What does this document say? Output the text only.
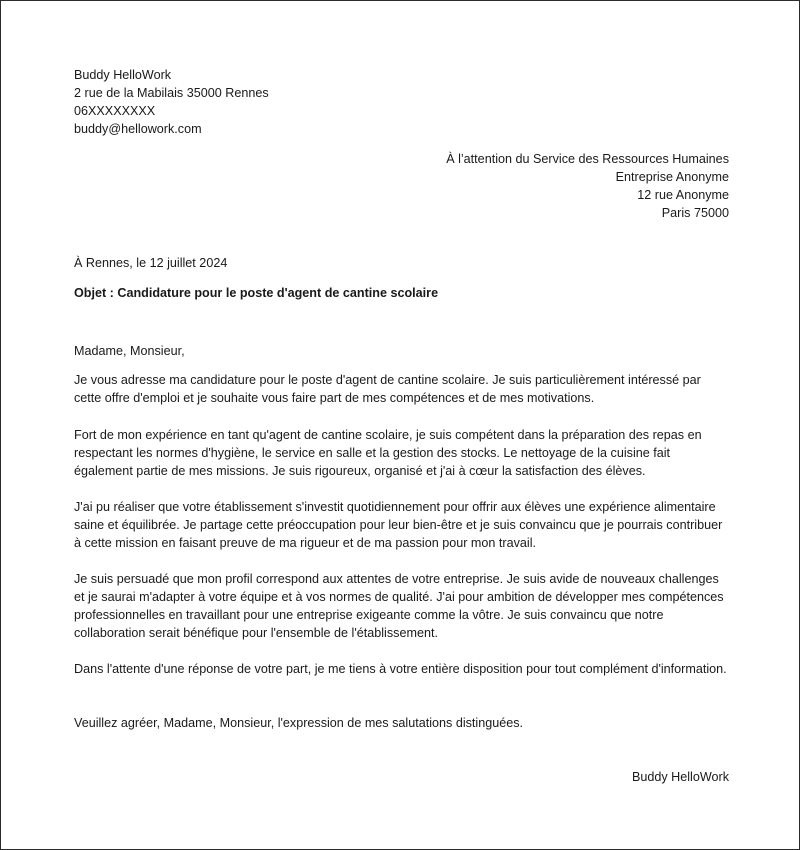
Buddy HelloWork
2 rue de la Mabilais 35000 Rennes
06XXXXXXXX
buddy@hellowork.com
À l’attention du Service des Ressources Humaines
Entreprise Anonyme
12 rue Anonyme
Paris 75000
À Rennes, le 12 juillet 2024
Objet : Candidature pour le poste d'agent de cantine scolaire
Madame, Monsieur,
Je vous adresse ma candidature pour le poste d'agent de cantine scolaire. Je suis particulièrement intéressé par cette offre d'emploi et je souhaite vous faire part de mes compétences et de mes motivations.
Fort de mon expérience en tant qu'agent de cantine scolaire, je suis compétent dans la préparation des repas en respectant les normes d'hygiène, le service en salle et la gestion des stocks. Le nettoyage de la cuisine fait également partie de mes missions. Je suis rigoureux, organisé et j'ai à cœur la satisfaction des élèves.
J'ai pu réaliser que votre établissement s'investit quotidiennement pour offrir aux élèves une expérience alimentaire saine et équilibrée. Je partage cette préoccupation pour leur bien-être et je suis convaincu que je pourrais contribuer à cette mission en faisant preuve de ma rigueur et de ma passion pour mon travail.
Je suis persuadé que mon profil correspond aux attentes de votre entreprise. Je suis avide de nouveaux challenges et je saurai m'adapter à votre équipe et à vos normes de qualité. J'ai pour ambition de développer mes compétences professionnelles en travaillant pour une entreprise exigeante comme la vôtre. Je suis convaincu que notre collaboration serait bénéfique pour l'ensemble de l'établissement.
Dans l'attente d'une réponse de votre part, je me tiens à votre entière disposition pour tout complément d'information.
Veuillez agréer, Madame, Monsieur, l'expression de mes salutations distinguées.
Buddy HelloWork
